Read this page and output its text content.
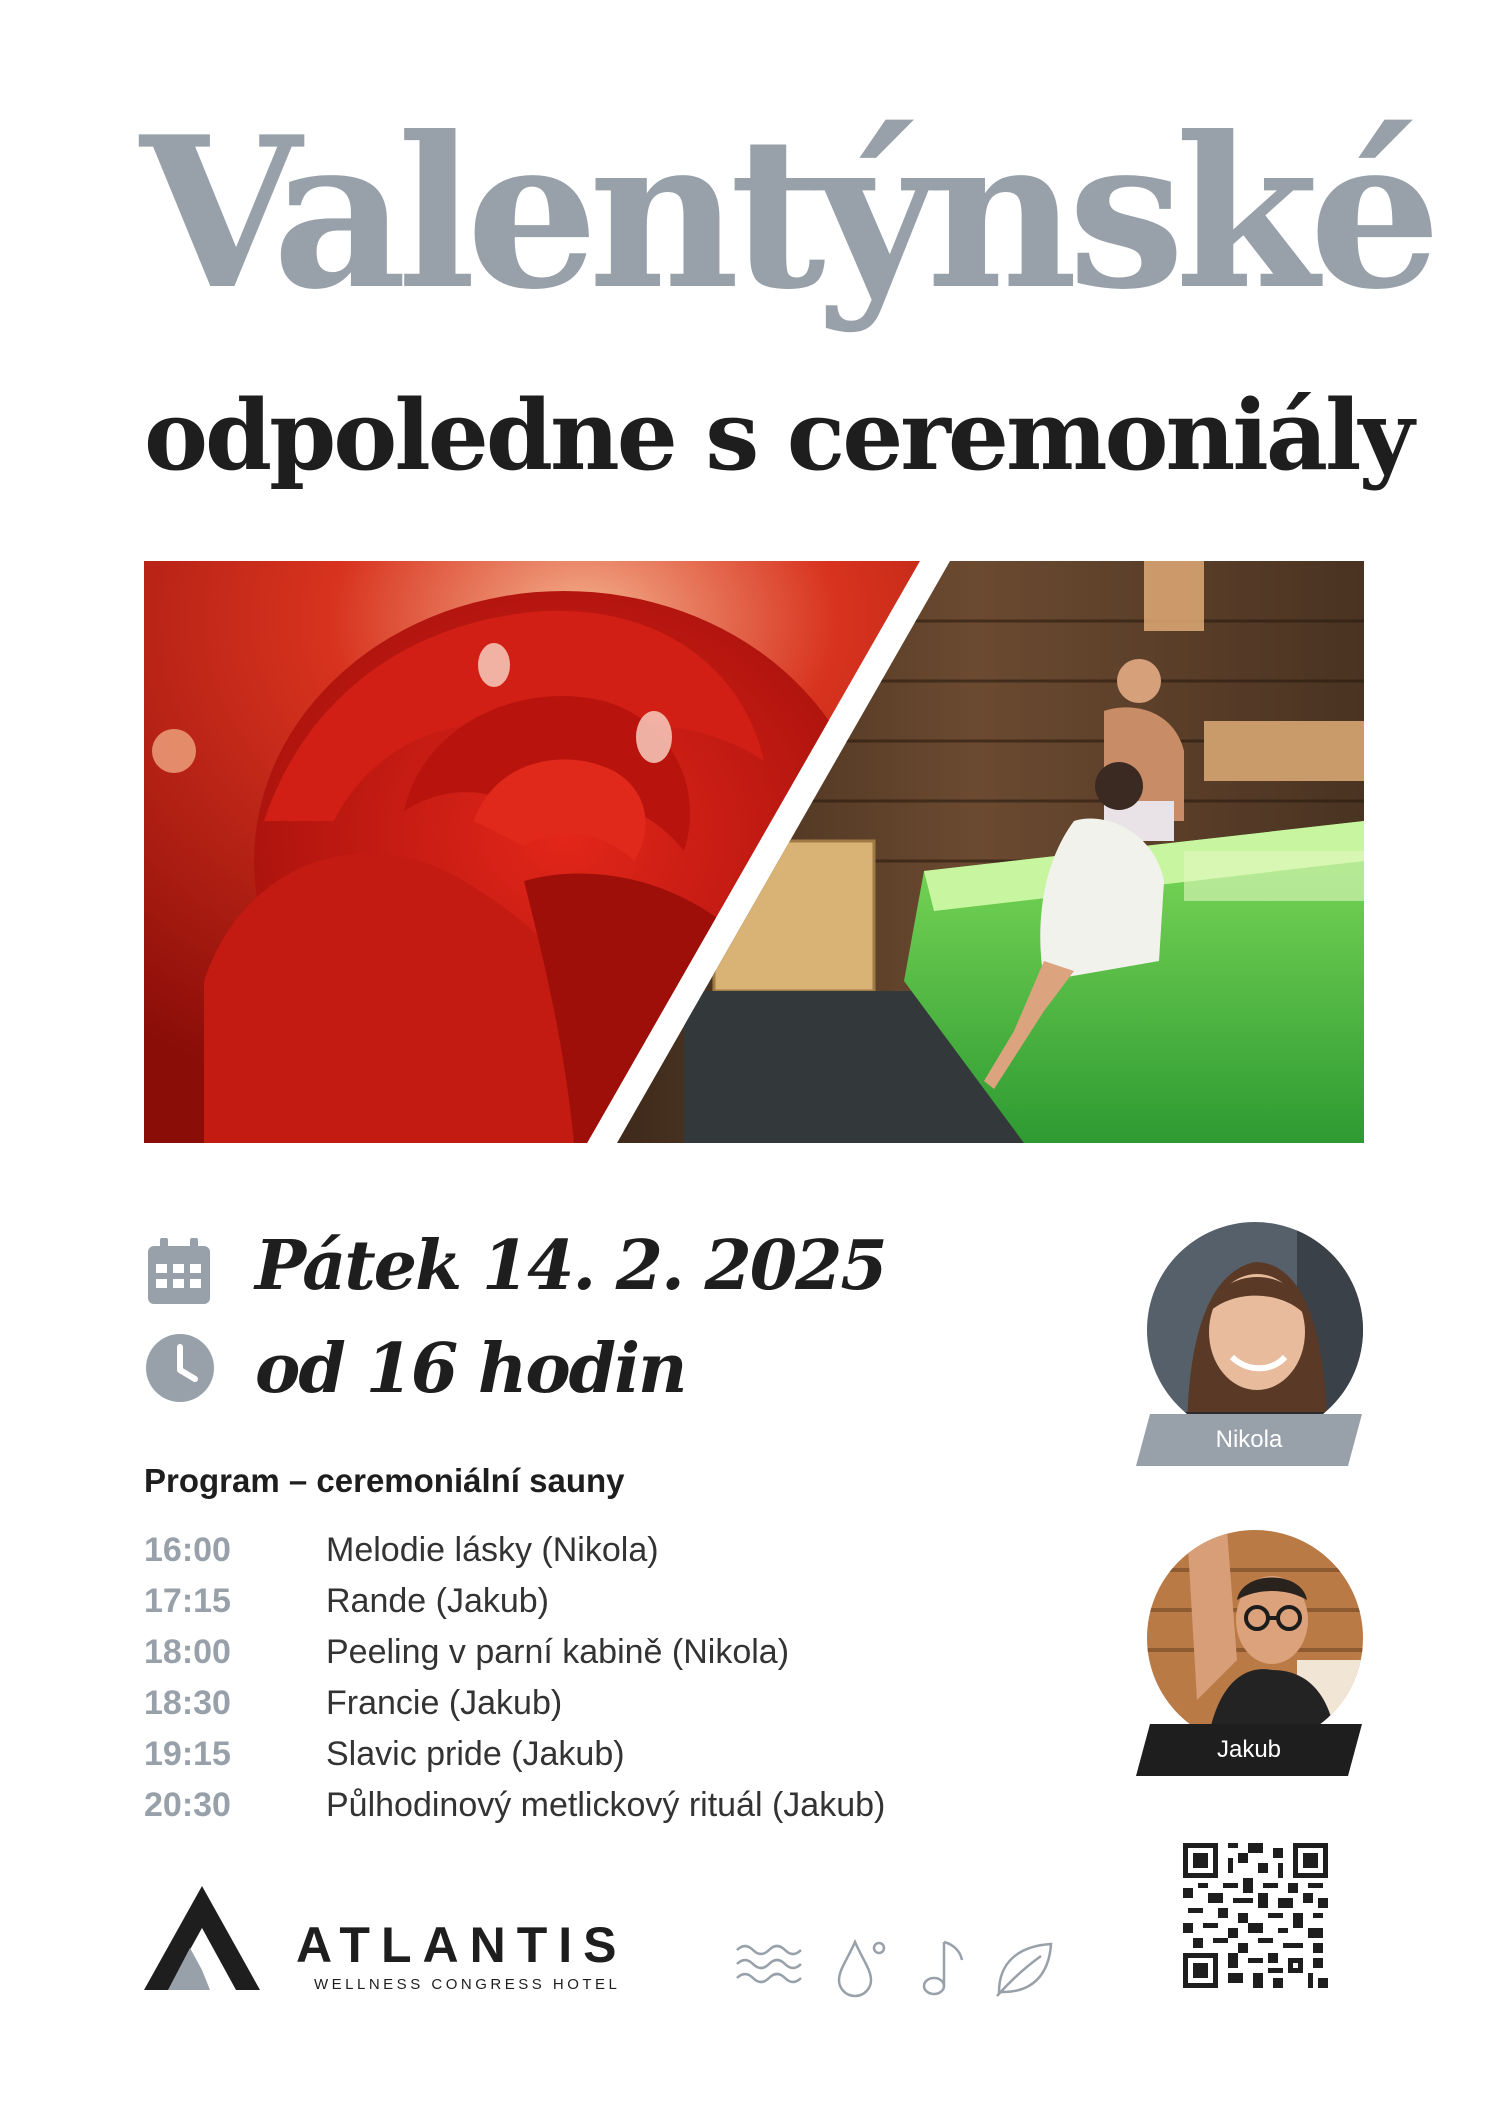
Valentýnské
odpoledne s ceremoniály
Pátek 14. 2. 2025
od 16 hodin
Program – ceremoniální sauny
16:00	Melodie lásky (Nikola)
17:15	Rande (Jakub)
18:00	Peeling v parní kabině (Nikola)
18:30	Francie (Jakub)
19:15	Slavic pride (Jakub)
20:30	Půlhodinový metlickový rituál (Jakub)
Nikola
Jakub
ATLANTIS
WELLNESS CONGRESS HOTEL
